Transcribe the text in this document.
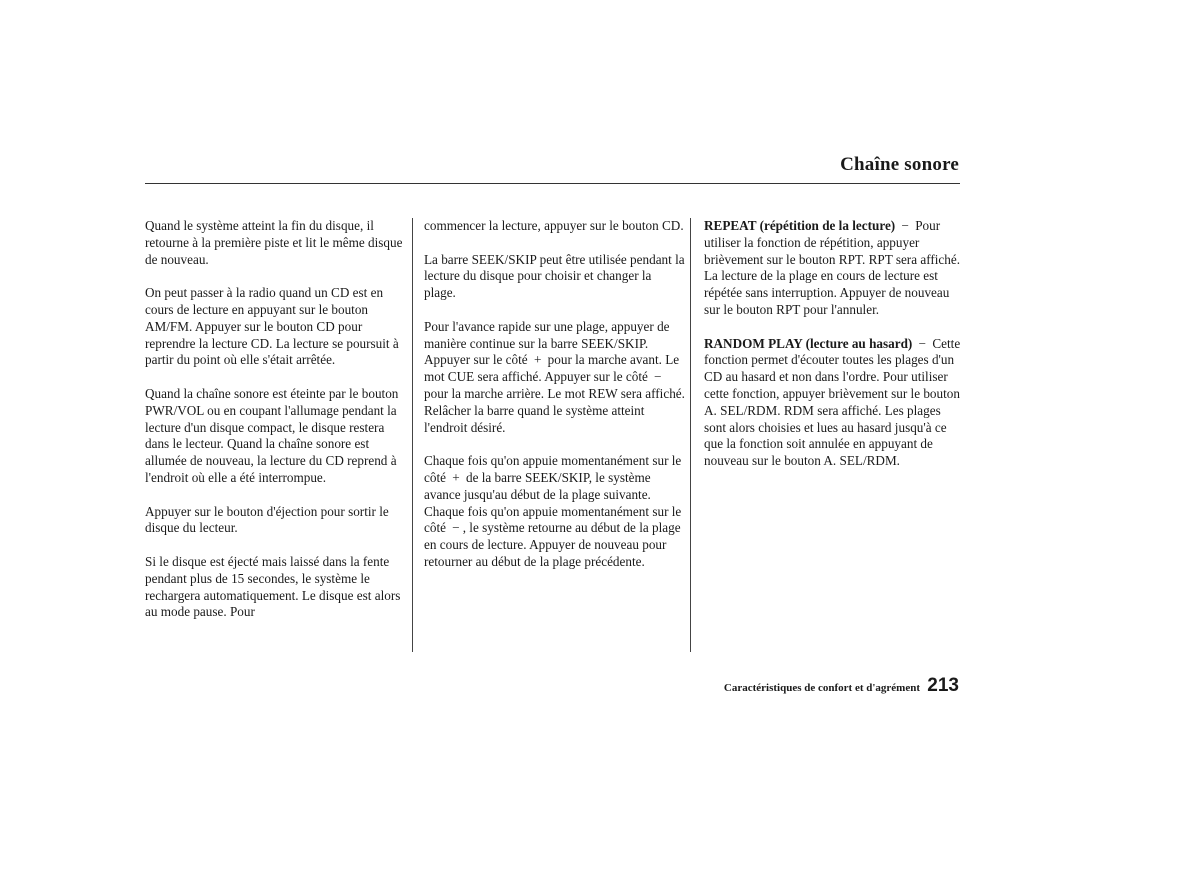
Chaîne sonore

Quand le système atteint la fin du disque, il retourne à la première piste et lit le même disque de nouveau.

On peut passer à la radio quand un CD est en cours de lecture en appuyant sur le bouton AM/FM. Appuyer sur le bouton CD pour reprendre la lecture CD. La lecture se poursuit à partir du point où elle s'était arrêtée.

Quand la chaîne sonore est éteinte par le bouton PWR/VOL ou en coupant l'allumage pendant la lecture d'un disque compact, le disque restera dans le lecteur. Quand la chaîne sonore est allumée de nouveau, la lecture du CD reprend à l'endroit où elle a été interrompue.

Appuyer sur le bouton d'éjection pour sortir le disque du lecteur.

Si le disque est éjecté mais laissé dans la fente pendant plus de 15 secondes, le système le rechargera automatiquement. Le disque est alors au mode pause. Pour

commencer la lecture, appuyer sur le bouton CD.

La barre SEEK/SKIP peut être utilisée pendant la lecture du disque pour choisir et changer la plage.

Pour l'avance rapide sur une plage, appuyer de manière continue sur la barre SEEK/SKIP. Appuyer sur le côté + pour la marche avant. Le mot CUE sera affiché. Appuyer sur le côté − pour la marche arrière. Le mot REW sera affiché. Relâcher la barre quand le système atteint l'endroit désiré.

Chaque fois qu'on appuie momentanément sur le côté + de la barre SEEK/SKIP, le système avance jusqu'au début de la plage suivante. Chaque fois qu'on appuie momentanément sur le côté − , le système retourne au début de la plage en cours de lecture. Appuyer de nouveau pour retourner au début de la plage précédente.

REPEAT (répétition de la lecture) − Pour utiliser la fonction de répétition, appuyer brièvement sur le bouton RPT. RPT sera affiché. La lecture de la plage en cours de lecture est répétée sans interruption. Appuyer de nouveau sur le bouton RPT pour l'annuler.

RANDOM PLAY (lecture au hasard) − Cette fonction permet d'écouter toutes les plages d'un CD au hasard et non dans l'ordre. Pour utiliser cette fonction, appuyer brièvement sur le bouton A. SEL/RDM. RDM sera affiché. Les plages sont alors choisies et lues au hasard jusqu'à ce que la fonction soit annulée en appuyant de nouveau sur le bouton A. SEL/RDM.

Caractéristiques de confort et d'agrément 213
